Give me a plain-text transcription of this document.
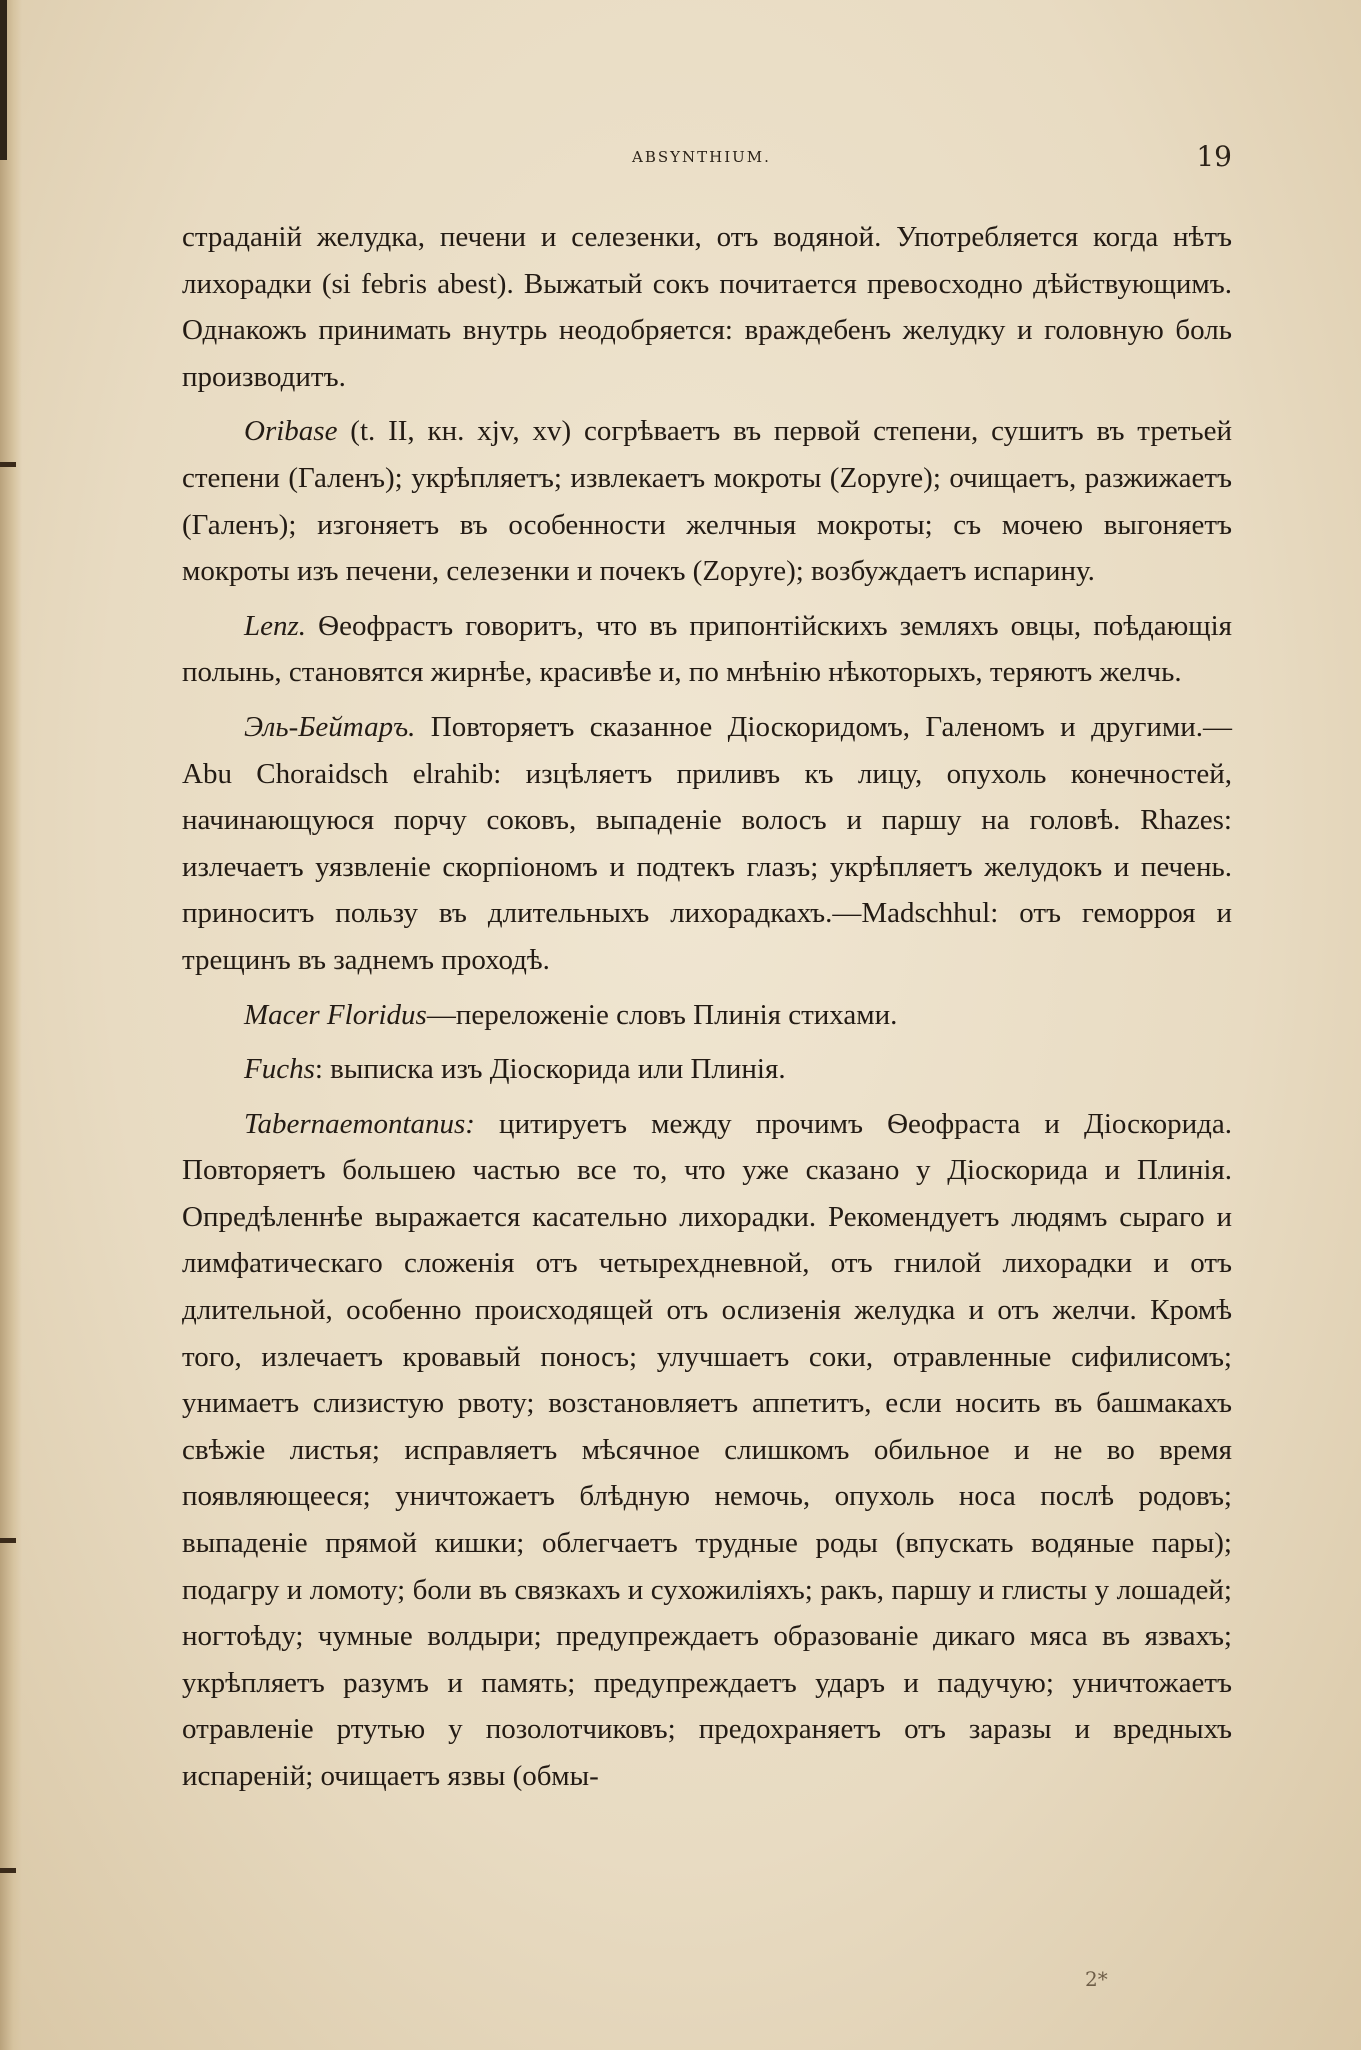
ABSYNTHIUM.	19

страданій желудка, печени и селезенки, отъ водяной. Употребляется когда нѣтъ лихорадки (si febris abest). Выжатый сокъ почитается превосходно дѣйствующимъ. Однакожъ принимать внутрь неодобряется: враждебенъ желудку и головную боль производитъ.

Oribase (t. II, кн. xjv, xv) согрѣваетъ въ первой степени, сушитъ въ третьей степени (Галенъ); укрѣпляетъ; извлекаетъ мокроты (Zopyre); очищаетъ, разжижаетъ (Галенъ); изгоняетъ въ особенности желчныя мокроты; съ мочею выгоняетъ мокроты изъ печени, селезенки и почекъ (Zopyre); возбуждаетъ испарину.

Lenz. Ѳеофрастъ говоритъ, что въ припонтійскихъ земляхъ овцы, поѣдающія полынь, становятся жирнѣе, красивѣе и, по мнѣнію нѣкоторыхъ, теряютъ желчь.

Эль-Бейтаръ. Повторяетъ сказанное Діоскоридомъ, Галеномъ и другими.—Abu Choraidsch elrahib: изцѣляетъ приливъ къ лицу, опухоль конечностей, начинающуюся порчу соковъ, выпаденіе волосъ и паршу на головѣ. Rhazes: излечаетъ уязвленіе скорпіономъ и подтекъ глазъ; укрѣпляетъ желудокъ и печень. приноситъ пользу въ длительныхъ лихорадкахъ.—Madschhul: отъ геморроя и трещинъ въ заднемъ проходѣ.

Macer Floridus—переложеніе словъ Плинія стихами.

Fuchs: выписка изъ Діоскорида или Плинія.

Tabernaemontanus: цитируетъ между прочимъ Ѳеофраста и Діоскорида. Повторяетъ большею частью все то, что уже сказано у Діоскорида и Плинія. Опредѣленнѣе выражается касательно лихорадки. Рекомендуетъ людямъ сыраго и лимфатическаго сложенія отъ четырехдневной, отъ гнилой лихорадки и отъ длительной, особенно происходящей отъ ослизенія желудка и отъ желчи. Кромѣ того, излечаетъ кровавый поносъ; улучшаетъ соки, отравленные сифилисомъ; унимаетъ слизистую рвоту; возстановляетъ аппетитъ, если носить въ башмакахъ свѣжіе листья; исправляетъ мѣсячное слишкомъ обильное и не во время появляющееся; уничтожаетъ блѣдную немочь, опухоль носа послѣ родовъ; выпаденіе прямой кишки; облегчаетъ трудные роды (впускать водяные пары); подагру и ломоту; боли въ связкахъ и сухожиліяхъ; ракъ, паршу и глисты у лошадей; ногтоѣду; чумные волдыри; предупреждаетъ образованіе дикаго мяса въ язвахъ; укрѣпляетъ разумъ и память; предупреждаетъ ударъ и падучую; уничтожаетъ отравленіе ртутью у позолотчиковъ; предохраняетъ отъ заразы и вредныхъ испареній; очищаетъ язвы (обмы-

2*
